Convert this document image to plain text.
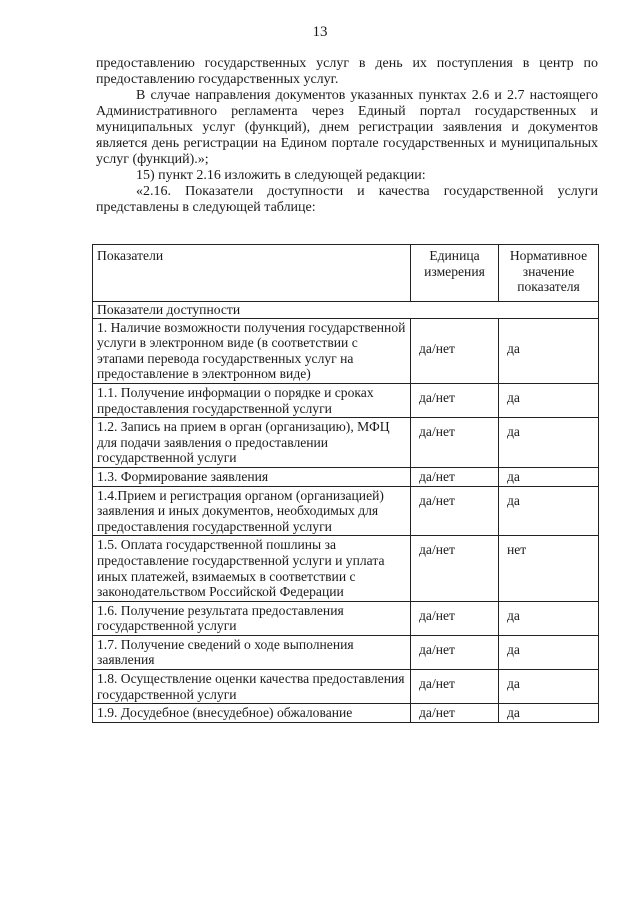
13

предоставлению государственных услуг в день их поступления в центр по предоставлению государственных услуг.

В случае направления документов указанных пунктах 2.6 и 2.7 настоящего Административного регламента через Единый портал государственных и муниципальных услуг (функций), днем регистрации заявления и документов является день регистрации на Едином портале государственных и муниципальных услуг (функций).»;

15) пункт 2.16 изложить в следующей редакции:

«2.16. Показатели доступности и качества государственной услуги представлены в следующей таблице:

Показатели	Единица измерения	Нормативное значение показателя
Показатели доступности		
1. Наличие возможности получения государственной услуги в электронном виде (в соответствии с этапами перевода государственных услуг на предоставление в электронном виде)	да/нет	да
1.1. Получение информации о порядке и сроках предоставления государственной услуги	да/нет	да
1.2. Запись на прием в орган (организацию), МФЦ для подачи заявления о предоставлении государственной услуги	да/нет	да
1.3. Формирование заявления	да/нет	да
1.4.Прием и регистрация органом (организацией) заявления и иных документов, необходимых для предоставления государственной услуги	да/нет	да
1.5. Оплата государственной пошлины за предоставление государственной услуги и уплата иных платежей, взимаемых в соответствии с законодательством Российской Федерации	да/нет	нет
1.6. Получение результата предоставления государственной услуги	да/нет	да
1.7. Получение сведений о ходе выполнения заявления	да/нет	да
1.8. Осуществление оценки качества предоставления государственной услуги	да/нет	да
1.9. Досудебное (внесудебное) обжалование	да/нет	да
